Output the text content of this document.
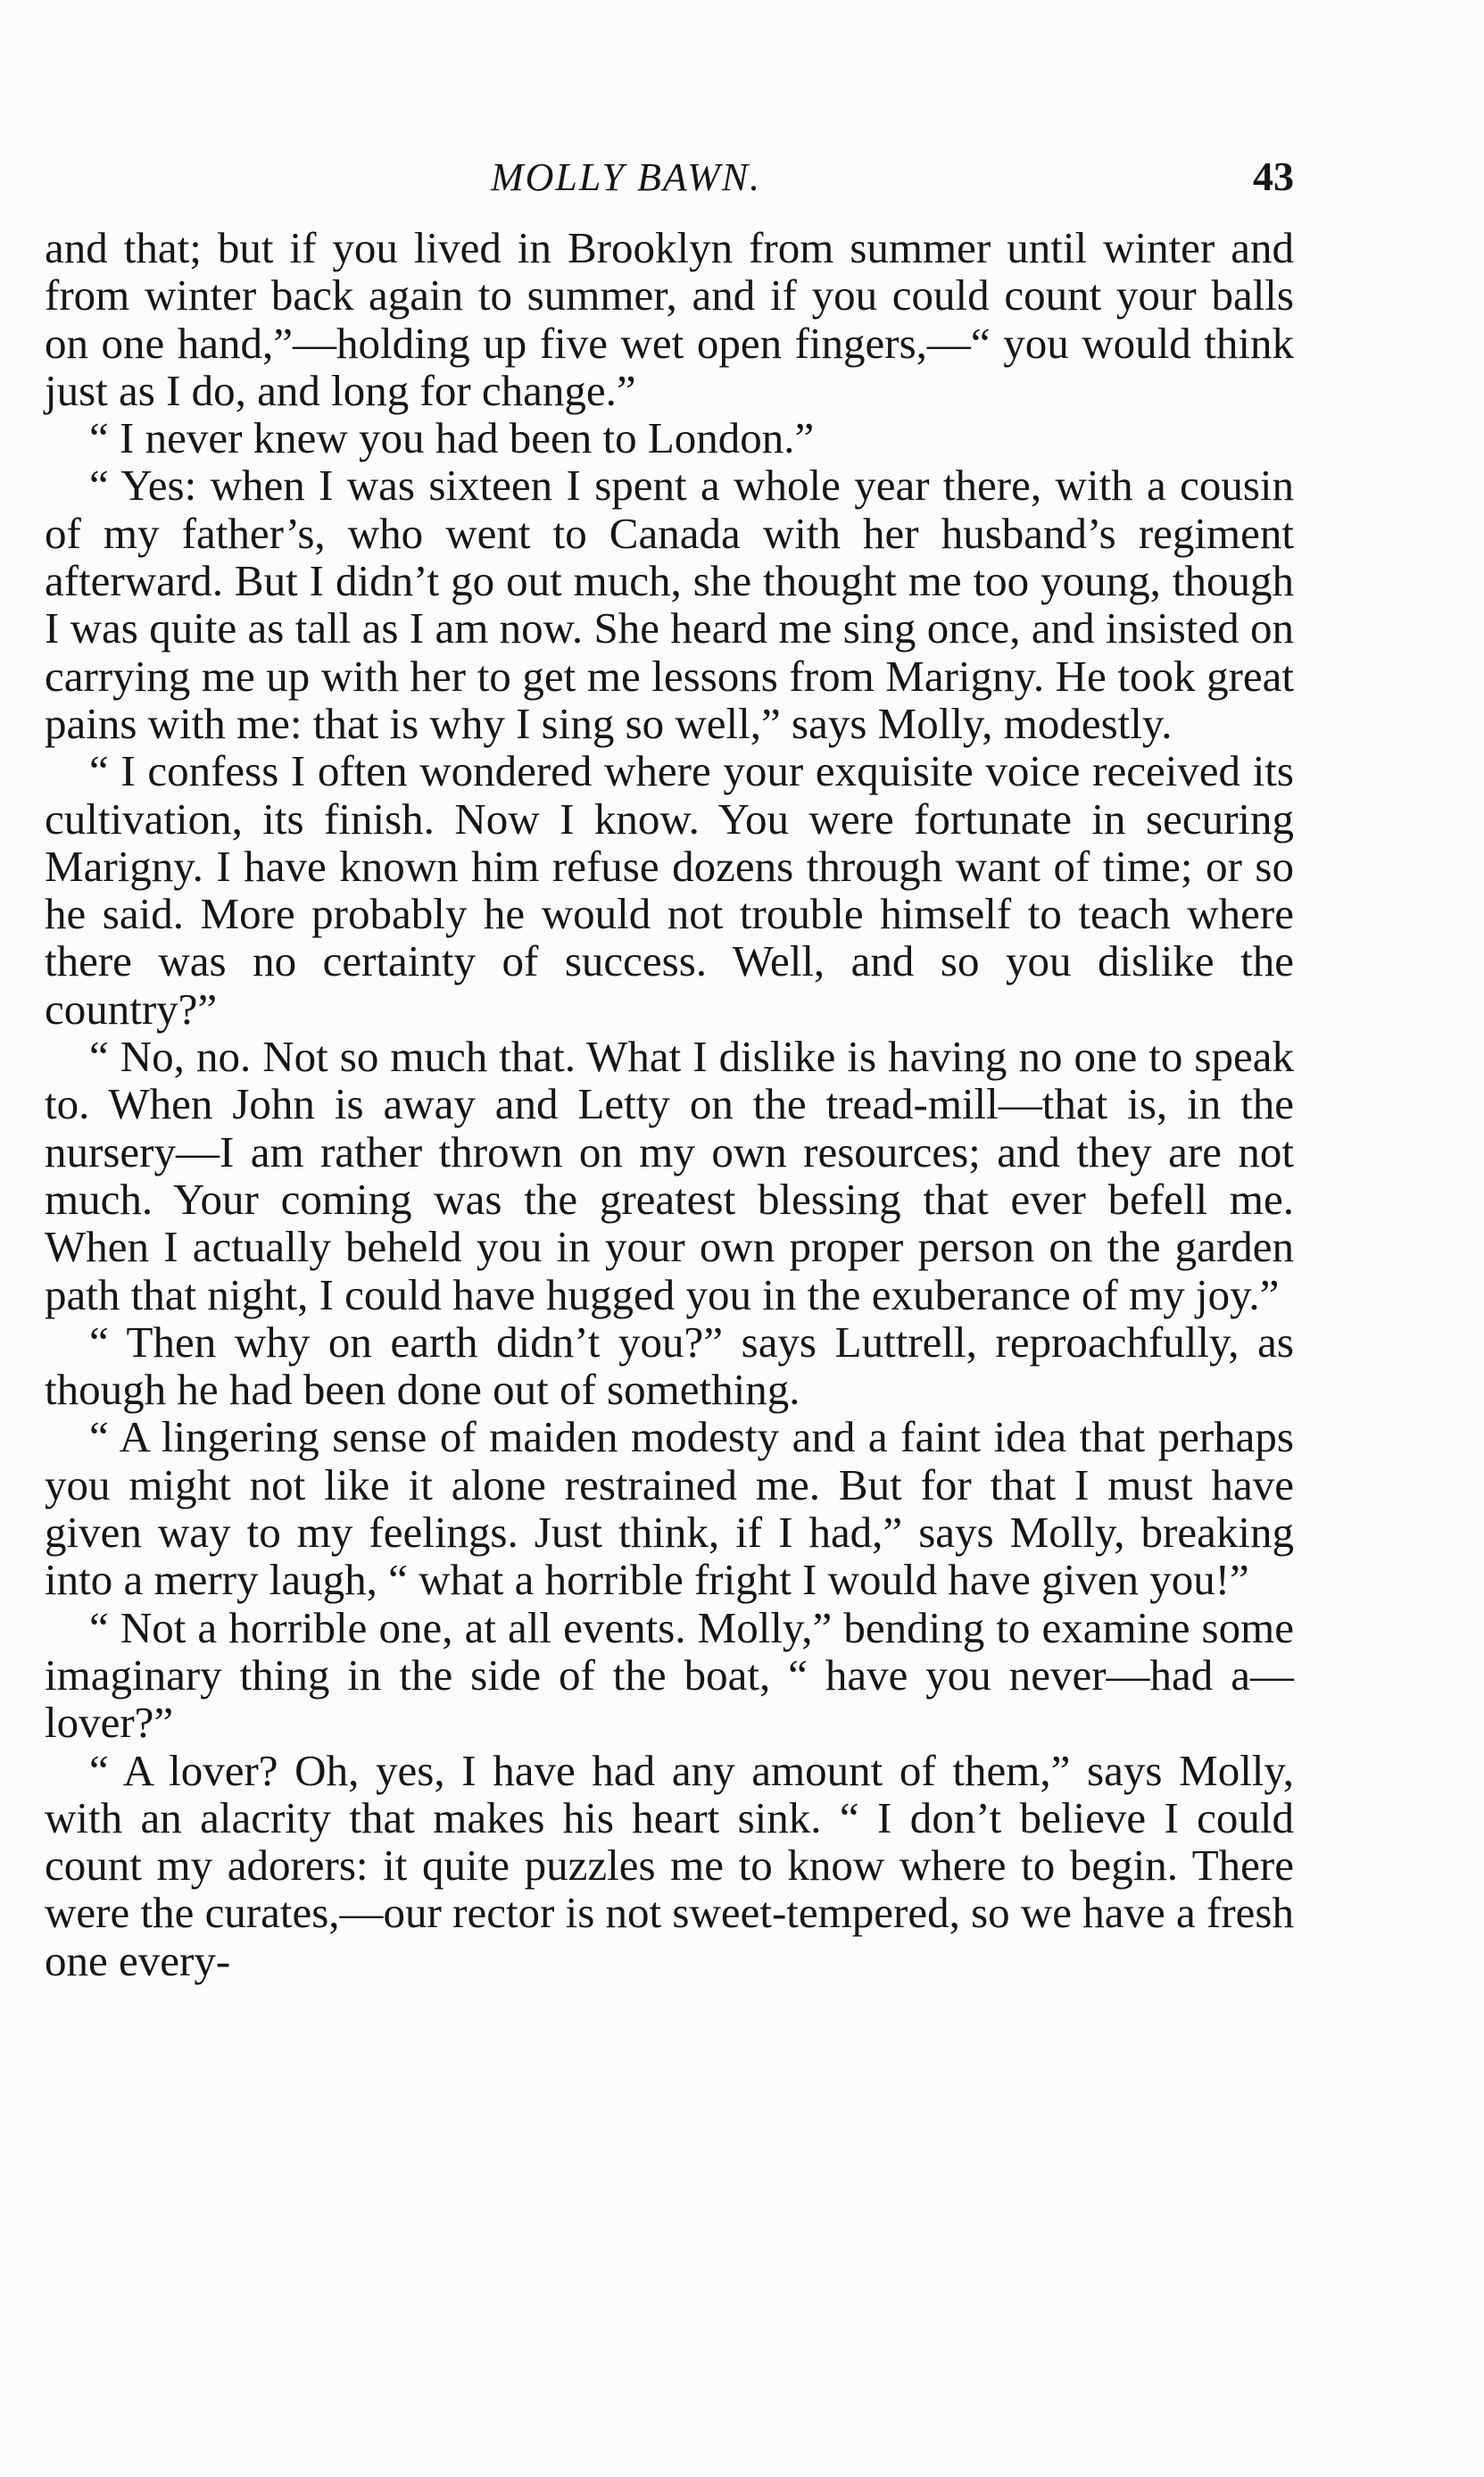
MOLLY BAWN.	43

and that; but if you lived in Brooklyn from summer until winter and from winter back again to summer, and if you could count your balls on one hand,”—holding up five wet open fingers,—“ you would think just as I do, and long for change.”

“ I never knew you had been to London.”

“ Yes: when I was sixteen I spent a whole year there, with a cousin of my father’s, who went to Canada with her husband’s regiment afterward. But I didn’t go out much, she thought me too young, though I was quite as tall as I am now. She heard me sing once, and insisted on carrying me up with her to get me lessons from Marigny. He took great pains with me: that is why I sing so well,” says Molly, modestly.

“ I confess I often wondered where your exquisite voice received its cultivation, its finish. Now I know. You were fortunate in securing Marigny. I have known him refuse dozens through want of time; or so he said. More probably he would not trouble himself to teach where there was no certainty of success. Well, and so you dislike the country?”

“ No, no. Not so much that. What I dislike is having no one to speak to. When John is away and Letty on the tread-mill—that is, in the nursery—I am rather thrown on my own resources; and they are not much. Your coming was the greatest blessing that ever befell me. When I actually beheld you in your own proper person on the garden path that night, I could have hugged you in the exuberance of my joy.”

“ Then why on earth didn’t you?” says Luttrell, reproachfully, as though he had been done out of something.

“ A lingering sense of maiden modesty and a faint idea that perhaps you might not like it alone restrained me. But for that I must have given way to my feelings. Just think, if I had,” says Molly, breaking into a merry laugh, “ what a horrible fright I would have given you!”

“ Not a horrible one, at all events. Molly,” bending to examine some imaginary thing in the side of the boat, “ have you never—had a—lover?”

“ A lover? Oh, yes, I have had any amount of them,” says Molly, with an alacrity that makes his heart sink. “ I don’t believe I could count my adorers: it quite puzzles me to know where to begin. There were the curates,—our rector is not sweet-tempered, so we have a fresh one every-
